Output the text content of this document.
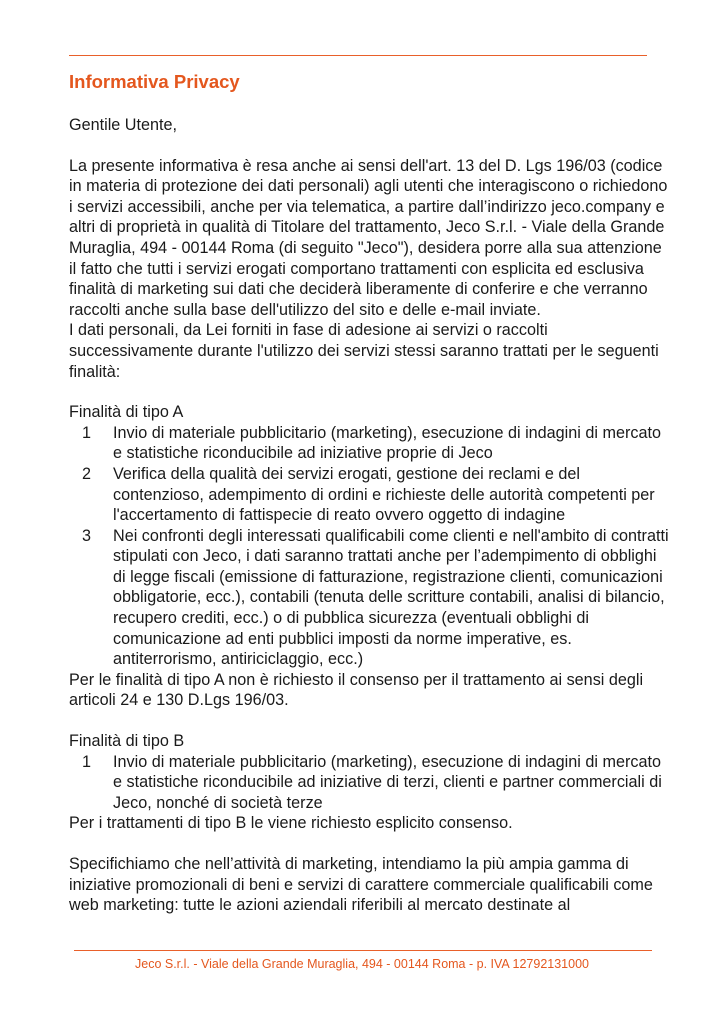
Informativa Privacy

Gentile Utente,

La presente informativa è resa anche ai sensi dell'art. 13 del D. Lgs 196/03 (codice in materia di protezione dei dati personali) agli utenti che interagiscono o richiedono i servizi accessibili, anche per via telematica, a partire dall’indirizzo jeco.company e altri di proprietà in qualità di Titolare del trattamento, Jeco S.r.l. - Viale della Grande Muraglia, 494 - 00144 Roma (di seguito "Jeco"), desidera porre alla sua attenzione il fatto che tutti i servizi erogati comportano trattamenti con esplicita ed esclusiva finalità di marketing sui dati che deciderà liberamente di conferire e che verranno raccolti anche sulla base dell'utilizzo del sito e delle e-mail inviate.

I dati personali, da Lei forniti in fase di adesione ai servizi o raccolti successivamente durante l'utilizzo dei servizi stessi saranno trattati per le seguenti finalità:

Finalità di tipo A

1 Invio di materiale pubblicitario (marketing), esecuzione di indagini di mercato e statistiche riconducibile ad iniziative proprie di Jeco
2 Verifica della qualità dei servizi erogati, gestione dei reclami e del contenzioso, adempimento di ordini e richieste delle autorità competenti per l'accertamento di fattispecie di reato ovvero oggetto di indagine
3 Nei confronti degli interessati qualificabili come clienti e nell'ambito di contratti stipulati con Jeco, i dati saranno trattati anche per l’adempimento di obblighi di legge fiscali (emissione di fatturazione, registrazione clienti, comunicazioni obbligatorie, ecc.), contabili (tenuta delle scritture contabili, analisi di bilancio, recupero crediti, ecc.) o di pubblica sicurezza (eventuali obblighi di comunicazione ad enti pubblici imposti da norme imperative, es. antiterrorismo, antiriciclaggio, ecc.)

Per le finalità di tipo A non è richiesto il consenso per il trattamento ai sensi degli articoli 24 e 130 D.Lgs 196/03.

Finalità di tipo B

1 Invio di materiale pubblicitario (marketing), esecuzione di indagini di mercato e statistiche riconducibile ad iniziative di terzi, clienti e partner commerciali di Jeco, nonché di società terze

Per i trattamenti di tipo B le viene richiesto esplicito consenso.

Specifichiamo che nell’attività di marketing, intendiamo la più ampia gamma di iniziative promozionali di beni e servizi di carattere commerciale qualificabili come web marketing: tutte le azioni aziendali riferibili al mercato destinate al

Jeco S.r.l. - Viale della Grande Muraglia, 494 - 00144 Roma - p. IVA 12792131000
